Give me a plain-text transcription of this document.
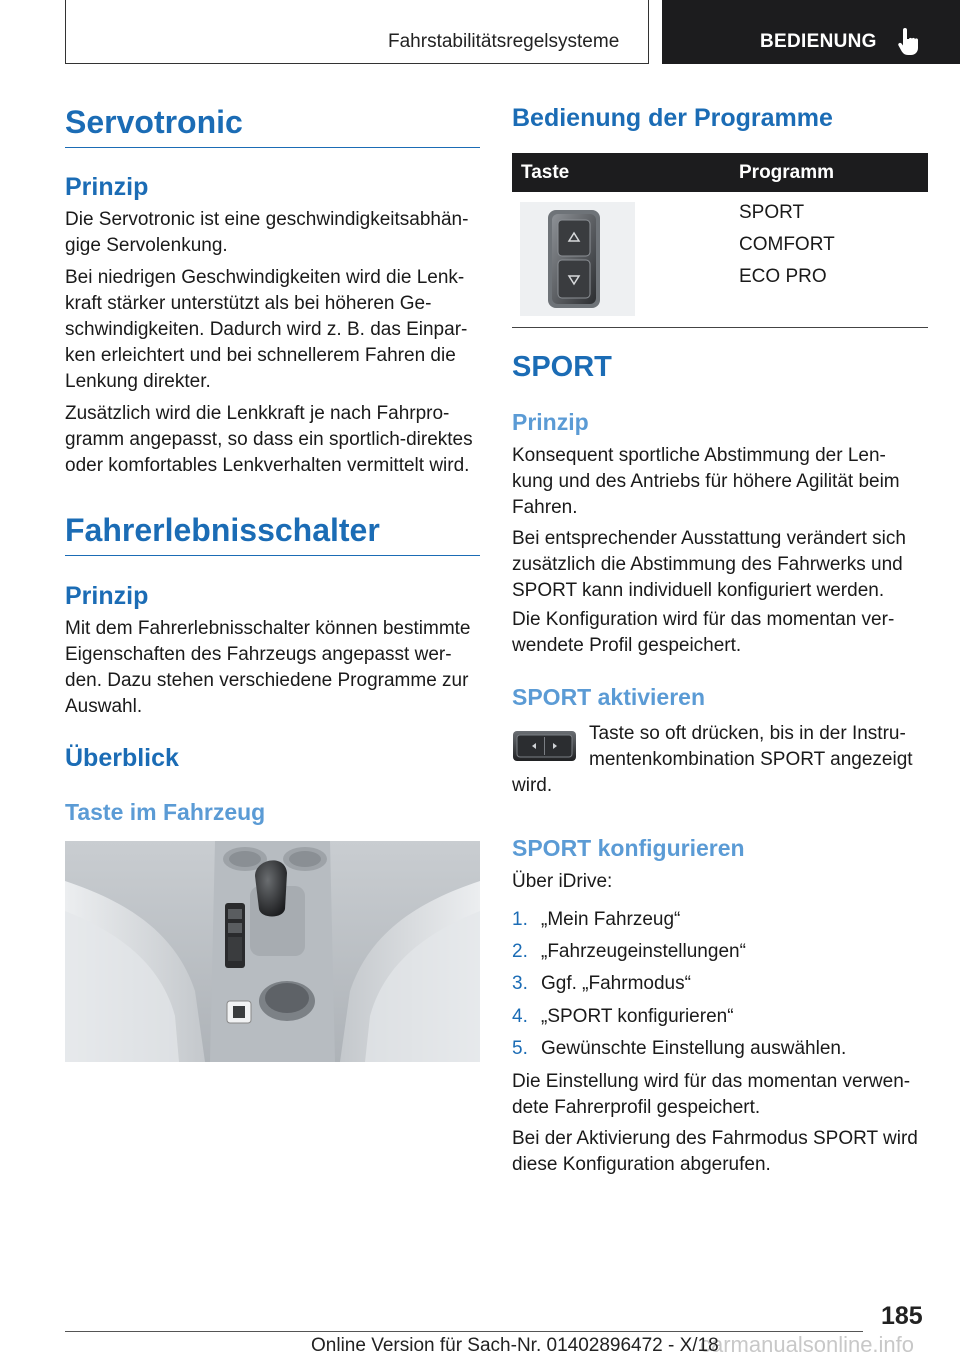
Fahrstabilitätsregelsysteme	BEDIENUNG
Servotronic
Prinzip
Die Servotronic ist eine geschwindigkeitsabhän-
gige Servolenkung.
Bei niedrigen Geschwindigkeiten wird die Lenk-
kraft stärker unterstützt als bei höheren Ge-
schwindigkeiten. Dadurch wird z. B. das Einpar-
ken erleichtert und bei schnellerem Fahren die
Lenkung direkter.
Zusätzlich wird die Lenkkraft je nach Fahrpro-
gramm angepasst, so dass ein sportlich-direktes
oder komfortables Lenkverhalten vermittelt wird.
Fahrerlebnisschalter
Prinzip
Mit dem Fahrerlebnisschalter können bestimmte
Eigenschaften des Fahrzeugs angepasst wer-
den. Dazu stehen verschiedene Programme zur
Auswahl.
Überblick
Taste im Fahrzeug
Bedienung der Programme
Taste	Programm
SPORT
COMFORT
ECO PRO
SPORT
Prinzip
Konsequent sportliche Abstimmung der Len-
kung und des Antriebs für höhere Agilität beim
Fahren.
Bei entsprechender Ausstattung verändert sich
zusätzlich die Abstimmung des Fahrwerks und
SPORT kann individuell konfiguriert werden.
Die Konfiguration wird für das momentan ver-
wendete Profil gespeichert.
SPORT aktivieren
Taste so oft drücken, bis in der Instru-
mentenkombination SPORT angezeigt
wird.
SPORT konfigurieren
Über iDrive:
1. „Mein Fahrzeug“
2. „Fahrzeugeinstellungen“
3. Ggf. „Fahrmodus“
4. „SPORT konfigurieren“
5. Gewünschte Einstellung auswählen.
Die Einstellung wird für das momentan verwen-
dete Fahrerprofil gespeichert.
Bei der Aktivierung des Fahrmodus SPORT wird
diese Konfiguration abgerufen.
185
carmanualsonline.info
Online Version für Sach-Nr. 01402896472 - X/18
